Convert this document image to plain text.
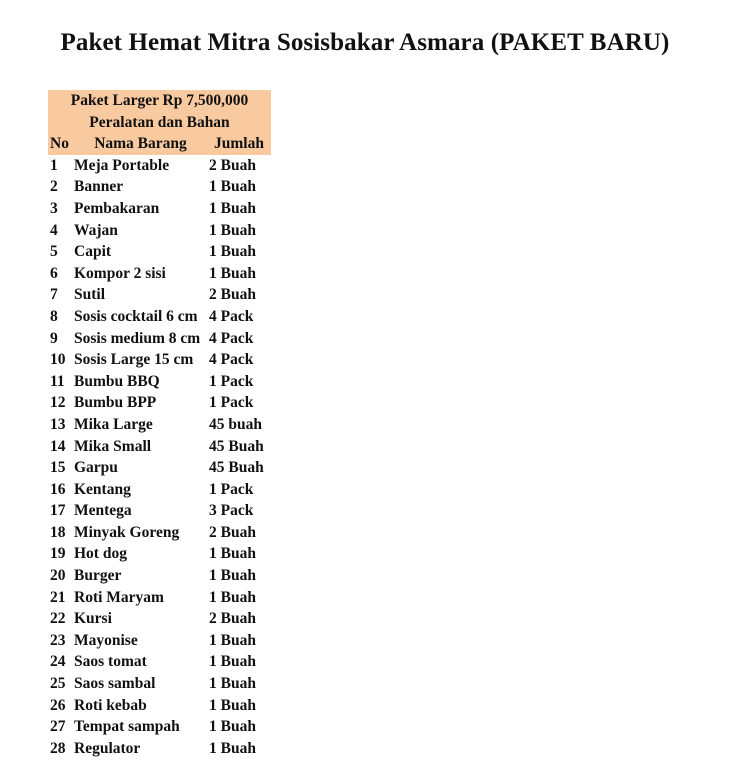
Paket Hemat Mitra Sosisbakar Asmara (PAKET BARU)
Paket Larger Rp 7,500,000		
Peralatan dan Bahan		
No	Nama Barang	Jumlah
1	Meja Portable	2 Buah
2	Banner	1 Buah
3	Pembakaran	1 Buah
4	Wajan	1 Buah
5	Capit	1 Buah
6	Kompor 2 sisi	1 Buah
7	Sutil	2 Buah
8	Sosis cocktail 6 cm	4 Pack
9	Sosis medium 8 cm	4 Pack
10	Sosis Large 15 cm	4 Pack
11	Bumbu BBQ	1 Pack
12	Bumbu BPP	1 Pack
13	Mika Large	45 buah
14	Mika Small	45 Buah
15	Garpu	45 Buah
16	Kentang	1 Pack
17	Mentega	3 Pack
18	Minyak Goreng	2 Buah
19	Hot dog	1 Buah
20	Burger	1 Buah
21	Roti Maryam	1 Buah
22	Kursi	2 Buah
23	Mayonise	1 Buah
24	Saos tomat	1 Buah
25	Saos sambal	1 Buah
26	Roti kebab	1 Buah
27	Tempat sampah	1 Buah
28	Regulator	1 Buah
